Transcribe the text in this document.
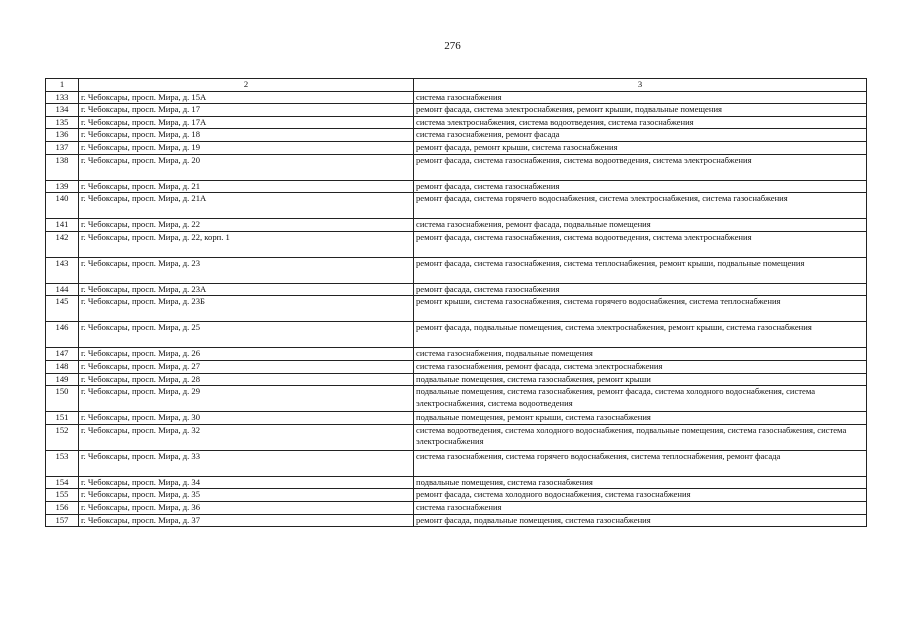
276
1	2	3
133	г. Чебоксары, просп. Мира, д. 15А	система газоснабжения
134	г. Чебоксары, просп. Мира, д. 17	ремонт фасада, система электроснабжения, ремонт крыши, подвальные помещения
135	г. Чебоксары, просп. Мира, д. 17А	система электроснабжения, система водоотведения, система газоснабжения
136	г. Чебоксары, просп. Мира, д. 18	система газоснабжения, ремонт фасада
137	г. Чебоксары, просп. Мира, д. 19	ремонт фасада, ремонт крыши, система газоснабжения
138	г. Чебоксары, просп. Мира, д. 20	ремонт фасада, система газоснабжения, система водоотведения, система электроснабжения
139	г. Чебоксары, просп. Мира, д. 21	ремонт фасада, система газоснабжения
140	г. Чебоксары, просп. Мира, д. 21А	ремонт фасада, система горячего водоснабжения, система электроснабжения, система газоснабжения
141	г. Чебоксары, просп. Мира, д. 22	система газоснабжения, ремонт фасада, подвальные помещения
142	г. Чебоксары, просп. Мира, д. 22, корп. 1	ремонт фасада, система газоснабжения, система водоотведения, система электроснабжения
143	г. Чебоксары, просп. Мира, д. 23	ремонт фасада, система газоснабжения, система теплоснабжения, ремонт крыши, подвальные помещения
144	г. Чебоксары, просп. Мира, д. 23А	ремонт фасада, система газоснабжения
145	г. Чебоксары, просп. Мира, д. 23Б	ремонт крыши, система газоснабжения, система горячего водоснабжения, система теплоснабжения
146	г. Чебоксары, просп. Мира, д. 25	ремонт фасада, подвальные помещения, система электроснабжения, ремонт крыши, система газоснабжения
147	г. Чебоксары, просп. Мира, д. 26	система газоснабжения, подвальные помещения
148	г. Чебоксары, просп. Мира, д. 27	система газоснабжения, ремонт фасада, система электроснабжения
149	г. Чебоксары, просп. Мира, д. 28	подвальные помещения, система газоснабжения, ремонт крыши
150	г. Чебоксары, просп. Мира, д. 29	подвальные помещения, система газоснабжения, ремонт фасада, система холодного водоснабжения, система электроснабжения, система водоотведения
151	г. Чебоксары, просп. Мира, д. 30	подвальные помещения, ремонт крыши, система газоснабжения
152	г. Чебоксары, просп. Мира, д. 32	система водоотведения, система холодного водоснабжения, подвальные помещения, система газоснабжения, система электроснабжения
153	г. Чебоксары, просп. Мира, д. 33	система газоснабжения, система горячего водоснабжения, система теплоснабжения, ремонт фасада
154	г. Чебоксары, просп. Мира, д. 34	подвальные помещения, система газоснабжения
155	г. Чебоксары, просп. Мира, д. 35	ремонт фасада, система холодного водоснабжения, система газоснабжения
156	г. Чебоксары, просп. Мира, д. 36	система газоснабжения
157	г. Чебоксары, просп. Мира, д. 37	ремонт фасада, подвальные помещения, система газоснабжения
